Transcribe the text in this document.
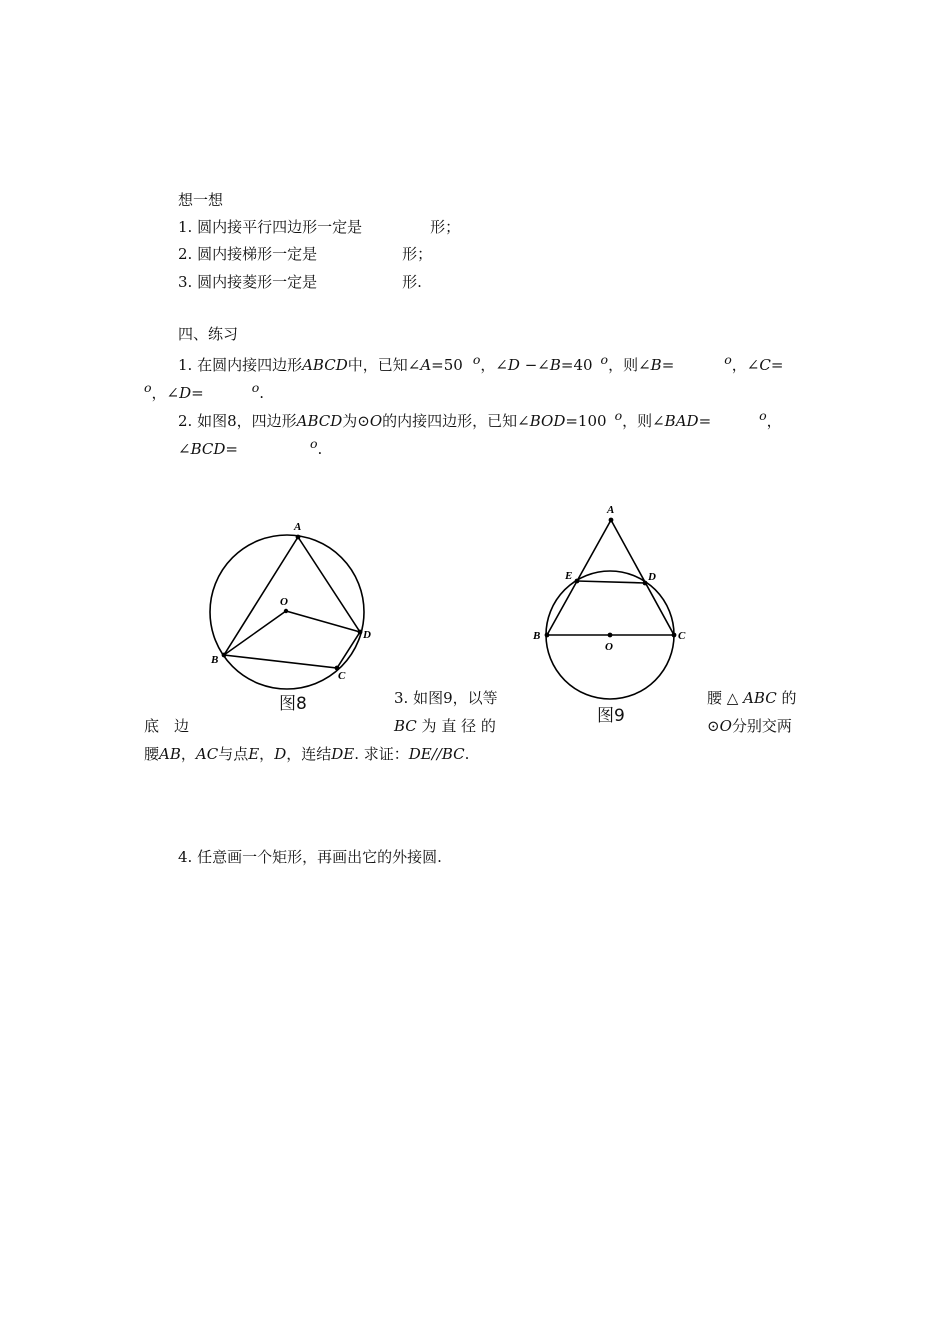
想一想
1. 圆内接平行四边形一定是	形；
2. 圆内接梯形一定是	形；
3. 圆内接菱形一定是	形.
四、练习
1. 在圆内接四边形ABCD中，已知∠A=50 $^o$，∠D −∠B=40 $^o$，则∠B=	$^o$，∠C=
$^o$，∠D=	$^o$.
2. 如图8，四边形ABCD为⊙O的内接四边形，已知∠BOD=100 $^o$，则∠BAD=	$^o$，
∠BCD=	$^o$.
A
D
C
B
O
图8
A
E	D
B	C
O
图9
底　边
3. 如图9，以等
BC 为 直 径 的
腰 △ ABC 的
⊙O分别交两
腰AB，AC与点E，D，连结DE. 求证：DE//BC.
4. 任意画一个矩形，再画出它的外接圆.
